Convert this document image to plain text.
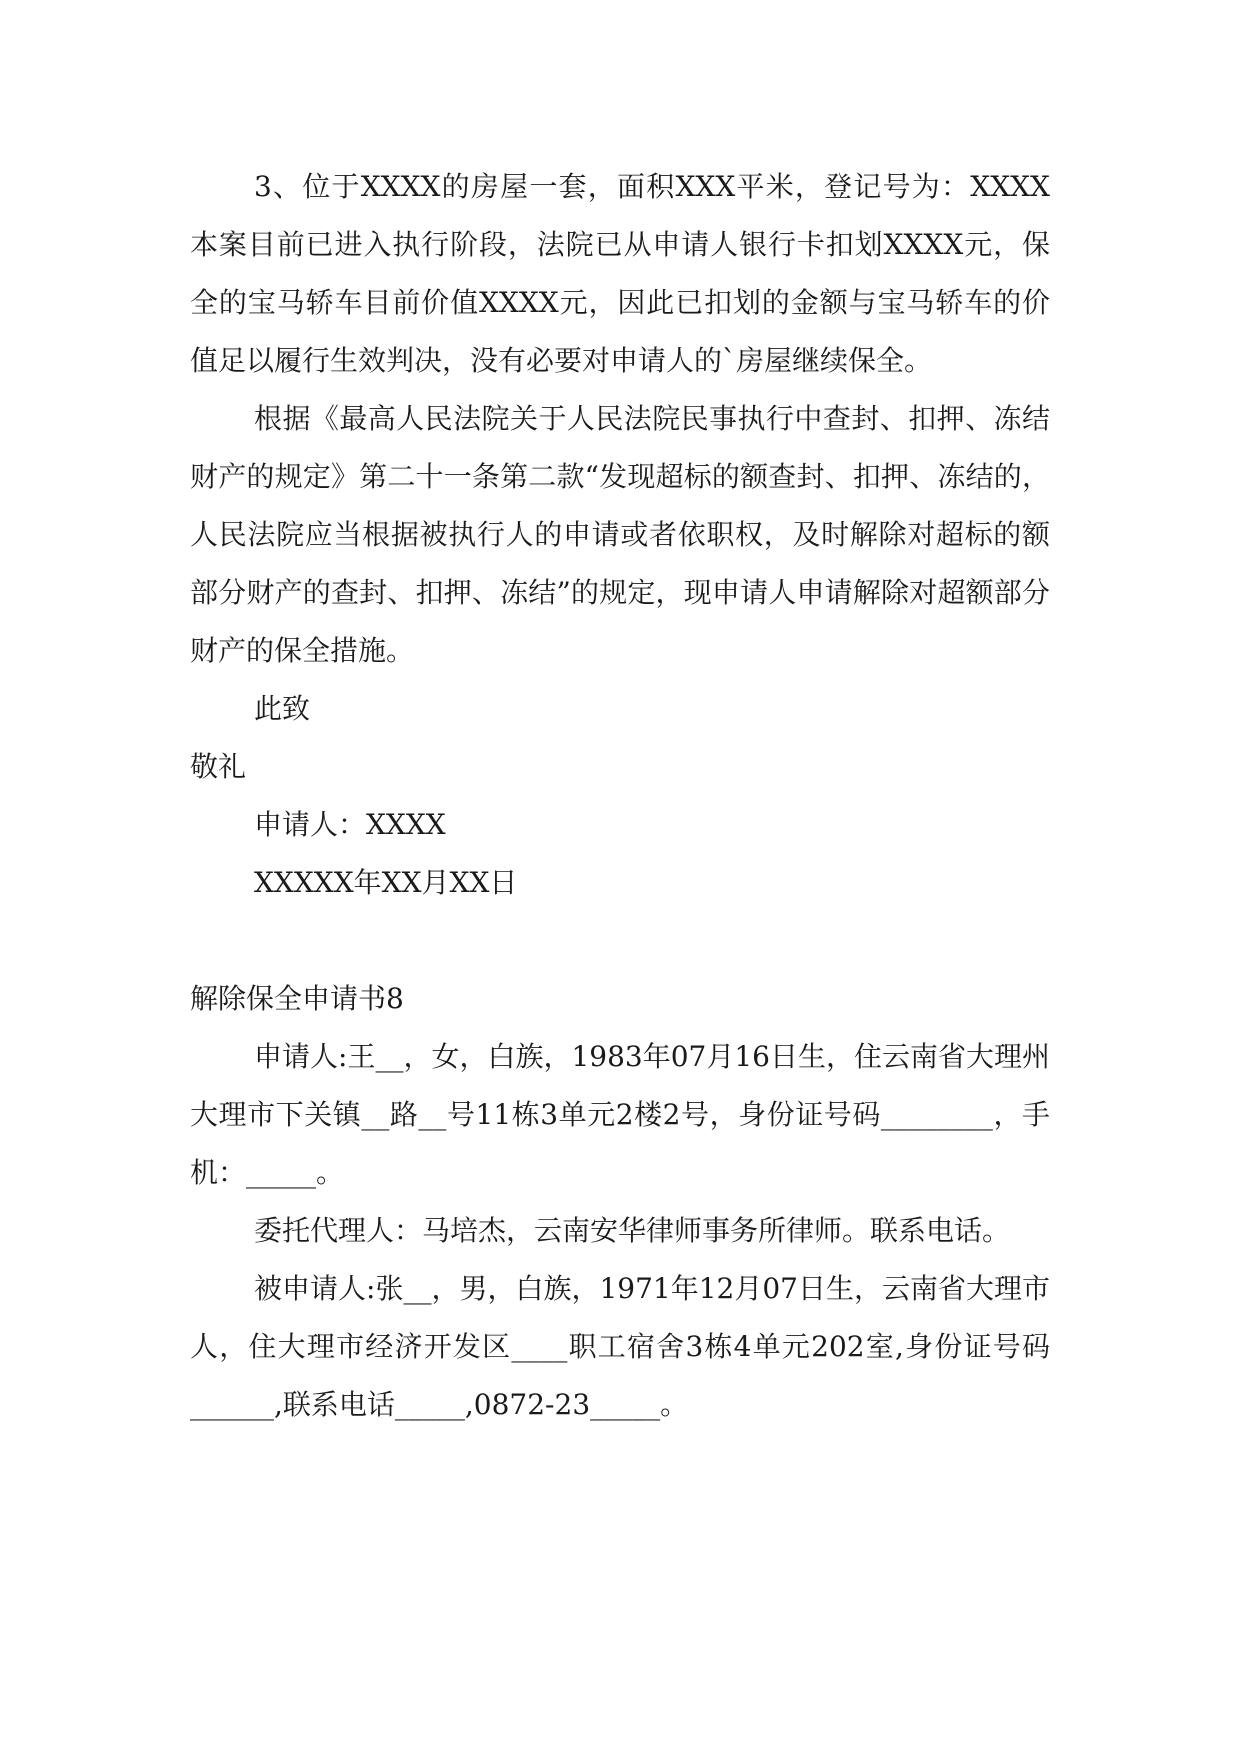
3、位于XXXX的房屋一套，面积XXX平米，登记号为：XXXX本案目前已进入执行阶段，法院已从申请人银行卡扣划XXXX元，保全的宝马轿车目前价值XXXX元，因此已扣划的金额与宝马轿车的价值足以履行生效判决，没有必要对申请人的`房屋继续保全。

根据《最高人民法院关于人民法院民事执行中查封、扣押、冻结财产的规定》第二十一条第二款“发现超标的额查封、扣押、冻结的，人民法院应当根据被执行人的申请或者依职权，及时解除对超标的额部分财产的查封、扣押、冻结”的规定，现申请人申请解除对超额部分财产的保全措施。

此致

敬礼

申请人：XXXX

XXXXX年XX月XX日

解除保全申请书8

申请人:王__，女，白族，1983年07月16日生，住云南省大理州大理市下关镇__路__号11栋3单元2楼2号，身份证号码________，手机：_____。

委托代理人：马培杰，云南安华律师事务所律师。联系电话。

被申请人:张__，男，白族，1971年12月07日生，云南省大理市人，住大理市经济开发区____职工宿舍3栋4单元202室,身份证号码______,联系电话_____,0872-23_____。
